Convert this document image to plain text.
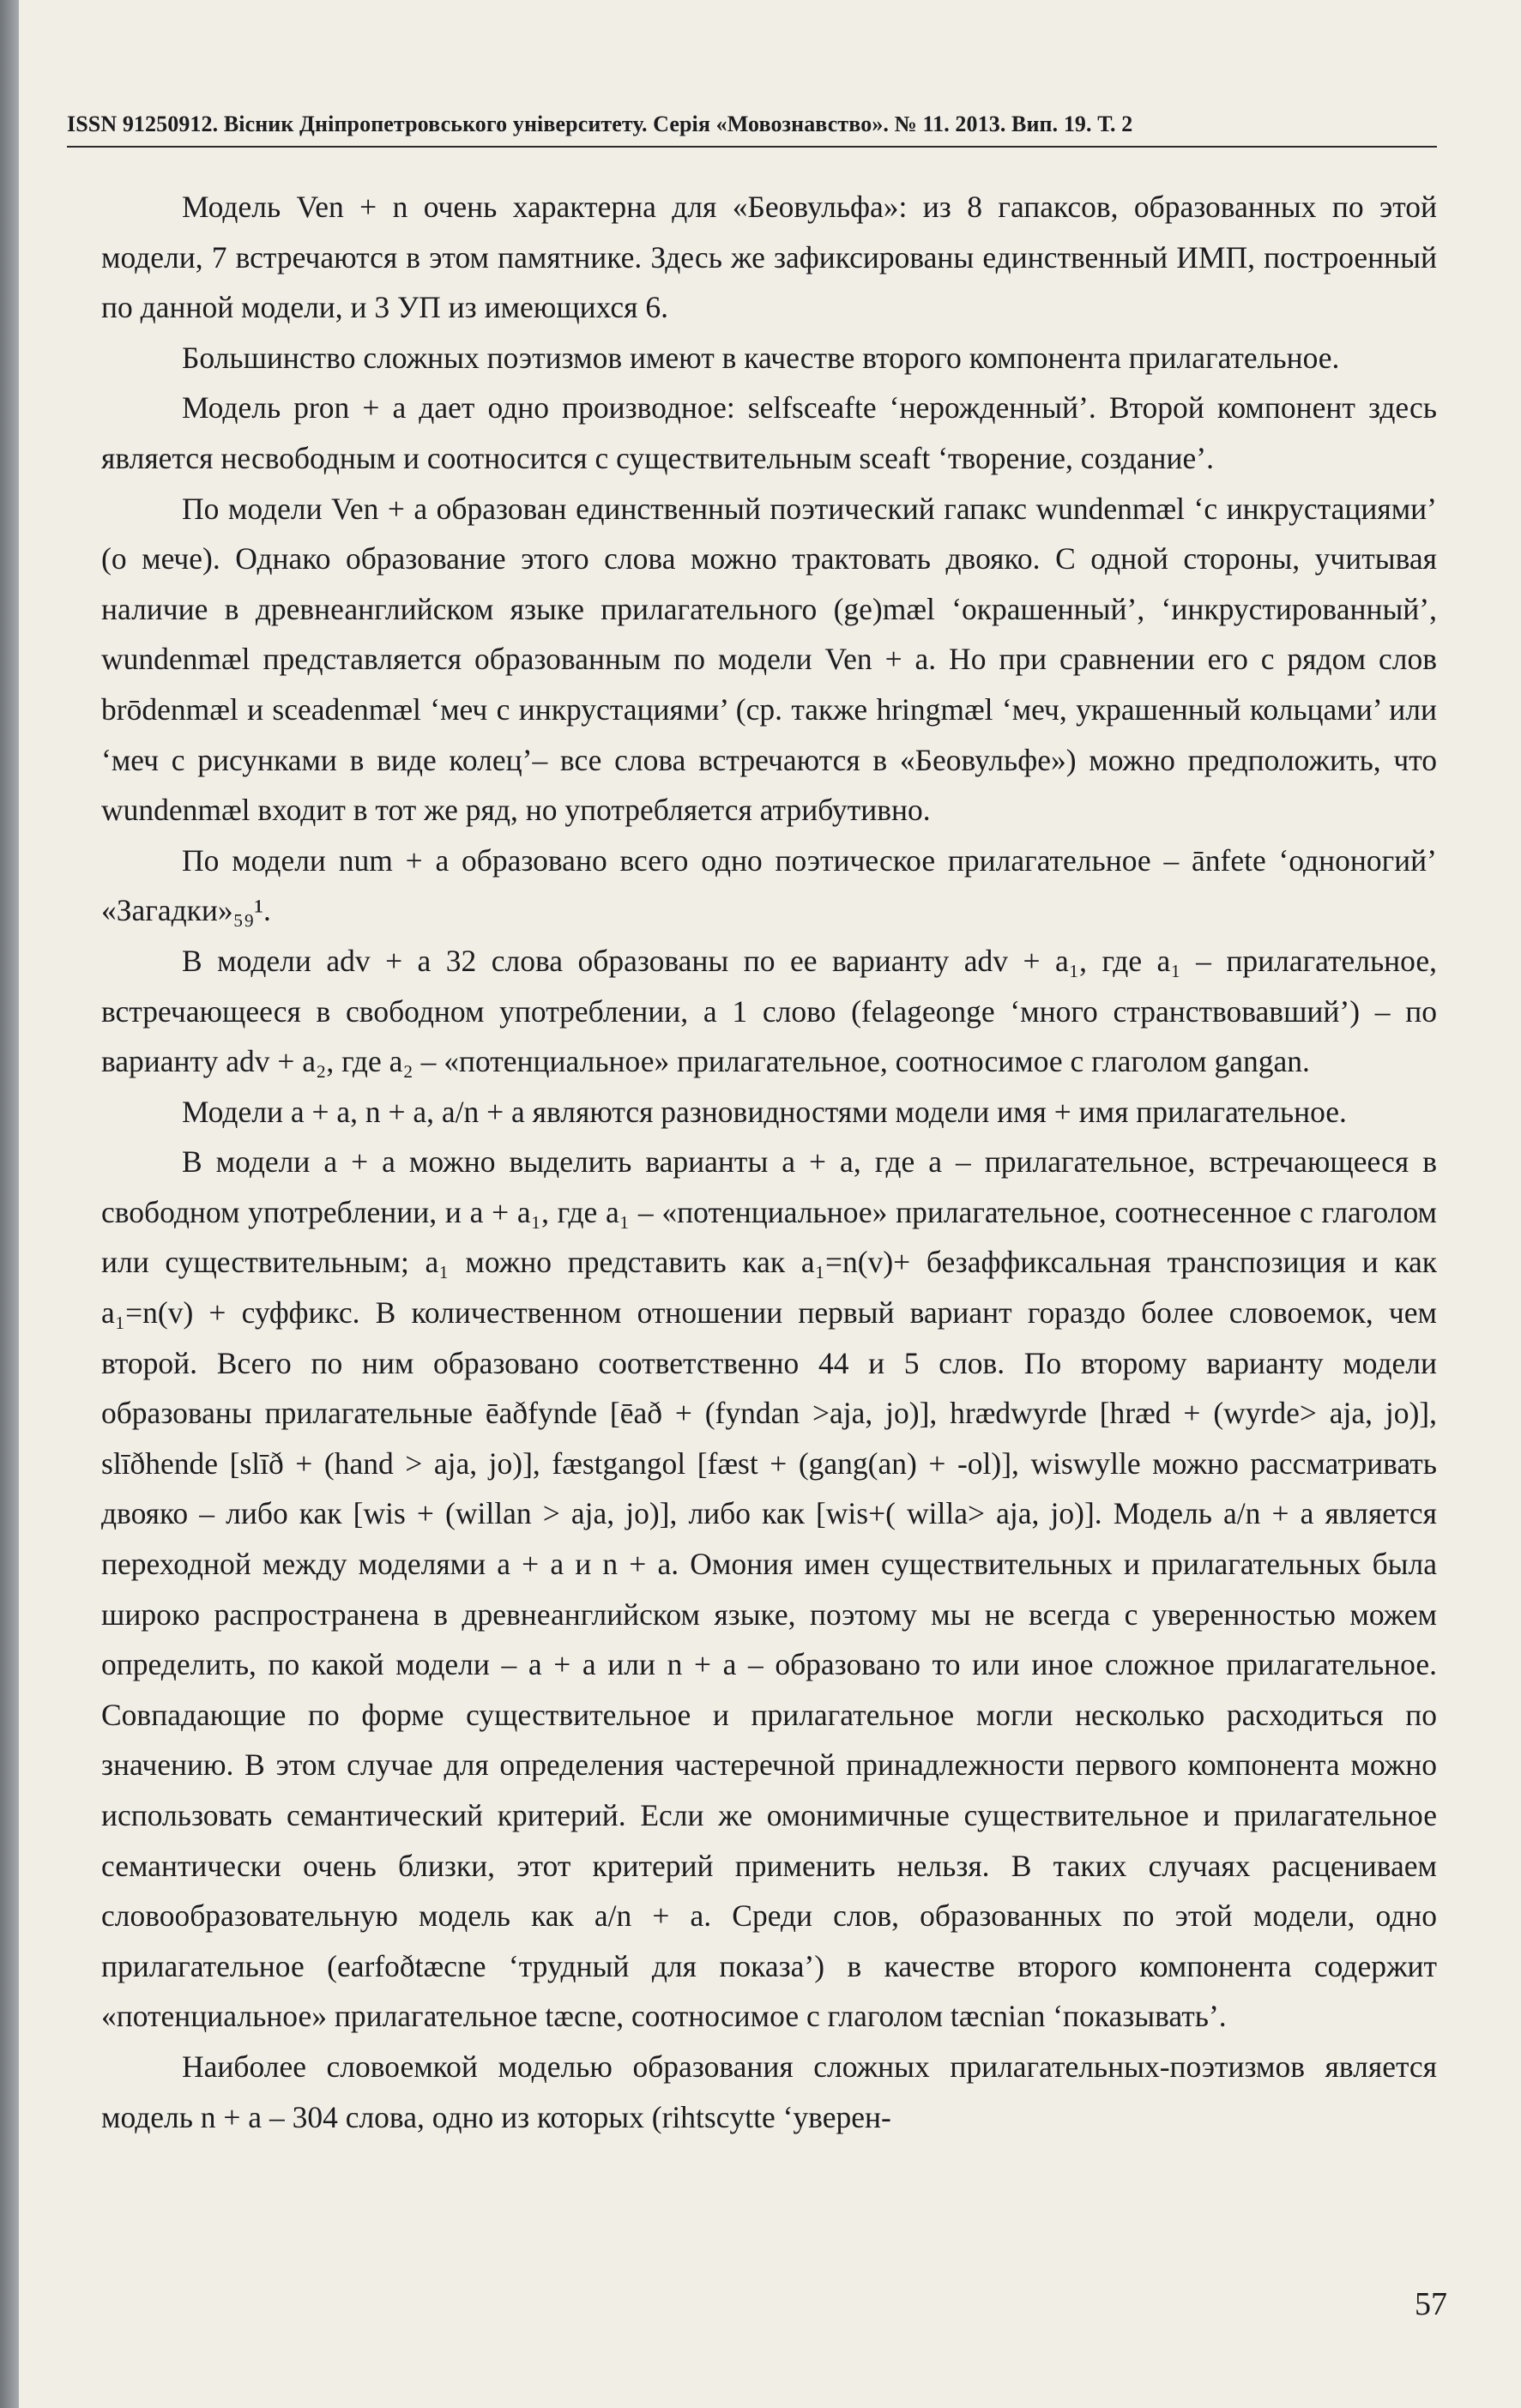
ISSN 91250912. Вісник Дніпропетровського університету. Серія «Мовознавство». № 11. 2013. Вип. 19. Т. 2

Модель Ven + n очень характерна для «Беовульфа»: из 8 гапаксов, образованных по этой модели, 7 встречаются в этом памятнике. Здесь же зафиксированы единственный ИМП, построенный по данной модели, и 3 УП из имеющихся 6.

Большинство сложных поэтизмов имеют в качестве второго компонента прилагательное.

Модель pron + a дает одно производное: selfsceafte ‘нерожденный’. Второй компонент здесь является несвободным и соотносится с существительным sceaft ‘творение, создание’.

По модели Ven + a образован единственный поэтический гапакс wundenmæl ‘с инкрустациями’ (о мече). Однако образование этого слова можно трактовать двояко. С одной стороны, учитывая наличие в древнеанглийском языке прилагательного (ge)mæl ‘окрашенный’, ‘инкрустированный’, wundenmæl представляется образованным по модели Ven + a. Но при сравнении его с рядом слов brōdenmæl и sceadenmæl ‘меч с инкрустациями’ (ср. также hringmæl ‘меч, украшенный кольцами’ или ‘меч с рисунками в виде колец’– все слова встречаются в «Беовульфе») можно предположить, что wundenmæl входит в тот же ряд, но употребляется атрибутивно.

По модели num + a образовано всего одно поэтическое прилагательное – ānfete ‘одноногий’ «Загадки»₅₉¹.

В модели adv + a 32 слова образованы по ее варианту adv + a₁, где a₁ – прилагательное, встречающееся в свободном употреблении, а 1 слово (felageonge ‘много странствовавший’) – по варианту adv + a₂, где a₂ – «потенциальное» прилагательное, соотносимое с глаголом gangan.

Модели a + a, n + a, a/n + a являются разновидностями модели имя + имя прилагательное.

В модели a + a можно выделить варианты a + a, где a – прилагательное, встречающееся в свободном употреблении, и a + a₁, где a₁ – «потенциальное» прилагательное, соотнесенное с глаголом или существительным; a₁ можно представить как a₁=n(v)+ безаффиксальная транспозиция и как a₁=n(v) + суффикс. В количественном отношении первый вариант гораздо более словоемок, чем второй. Всего по ним образовано соответственно 44 и 5 слов. По второму варианту модели образованы прилагательные ēaðfynde [ēað + (fyndan >aja, jo)], hrædwyrde [hræd + (wyrde> aja, jo)], slīðhende [slīð + (hand > aja, jo)], fæstgangol [fæst + (gang(an) + -ol)], wiswylle можно рассматривать двояко – либо как [wis + (willan > aja, jo)], либо как [wis+( willa> aja, jo)]. Модель a/n + a является переходной между моделями a + a и n + a. Омония имен существительных и прилагательных была широко распространена в древнеанглийском языке, поэтому мы не всегда с уверенностью можем определить, по какой модели – a + a или n + a – образовано то или иное сложное прилагательное. Совпадающие по форме существительное и прилагательное могли несколько расходиться по значению. В этом случае для определения частеречной принадлежности первого компонента можно использовать семантический критерий. Если же омонимичные существительное и прилагательное семантически очень близки, этот критерий применить нельзя. В таких случаях расцениваем словообразовательную модель как a/n + a. Среди слов, образованных по этой модели, одно прилагательное (earfoðtæcne ‘трудный для показа’) в качестве второго компонента содержит «потенциальное» прилагательное tæcne, соотносимое с глаголом tæcnian ‘показывать’.

Наиболее словоемкой моделью образования сложных прилагательных-поэтизмов является модель n + a – 304 слова, одно из которых (rihtscytte ‘уверен-

57
